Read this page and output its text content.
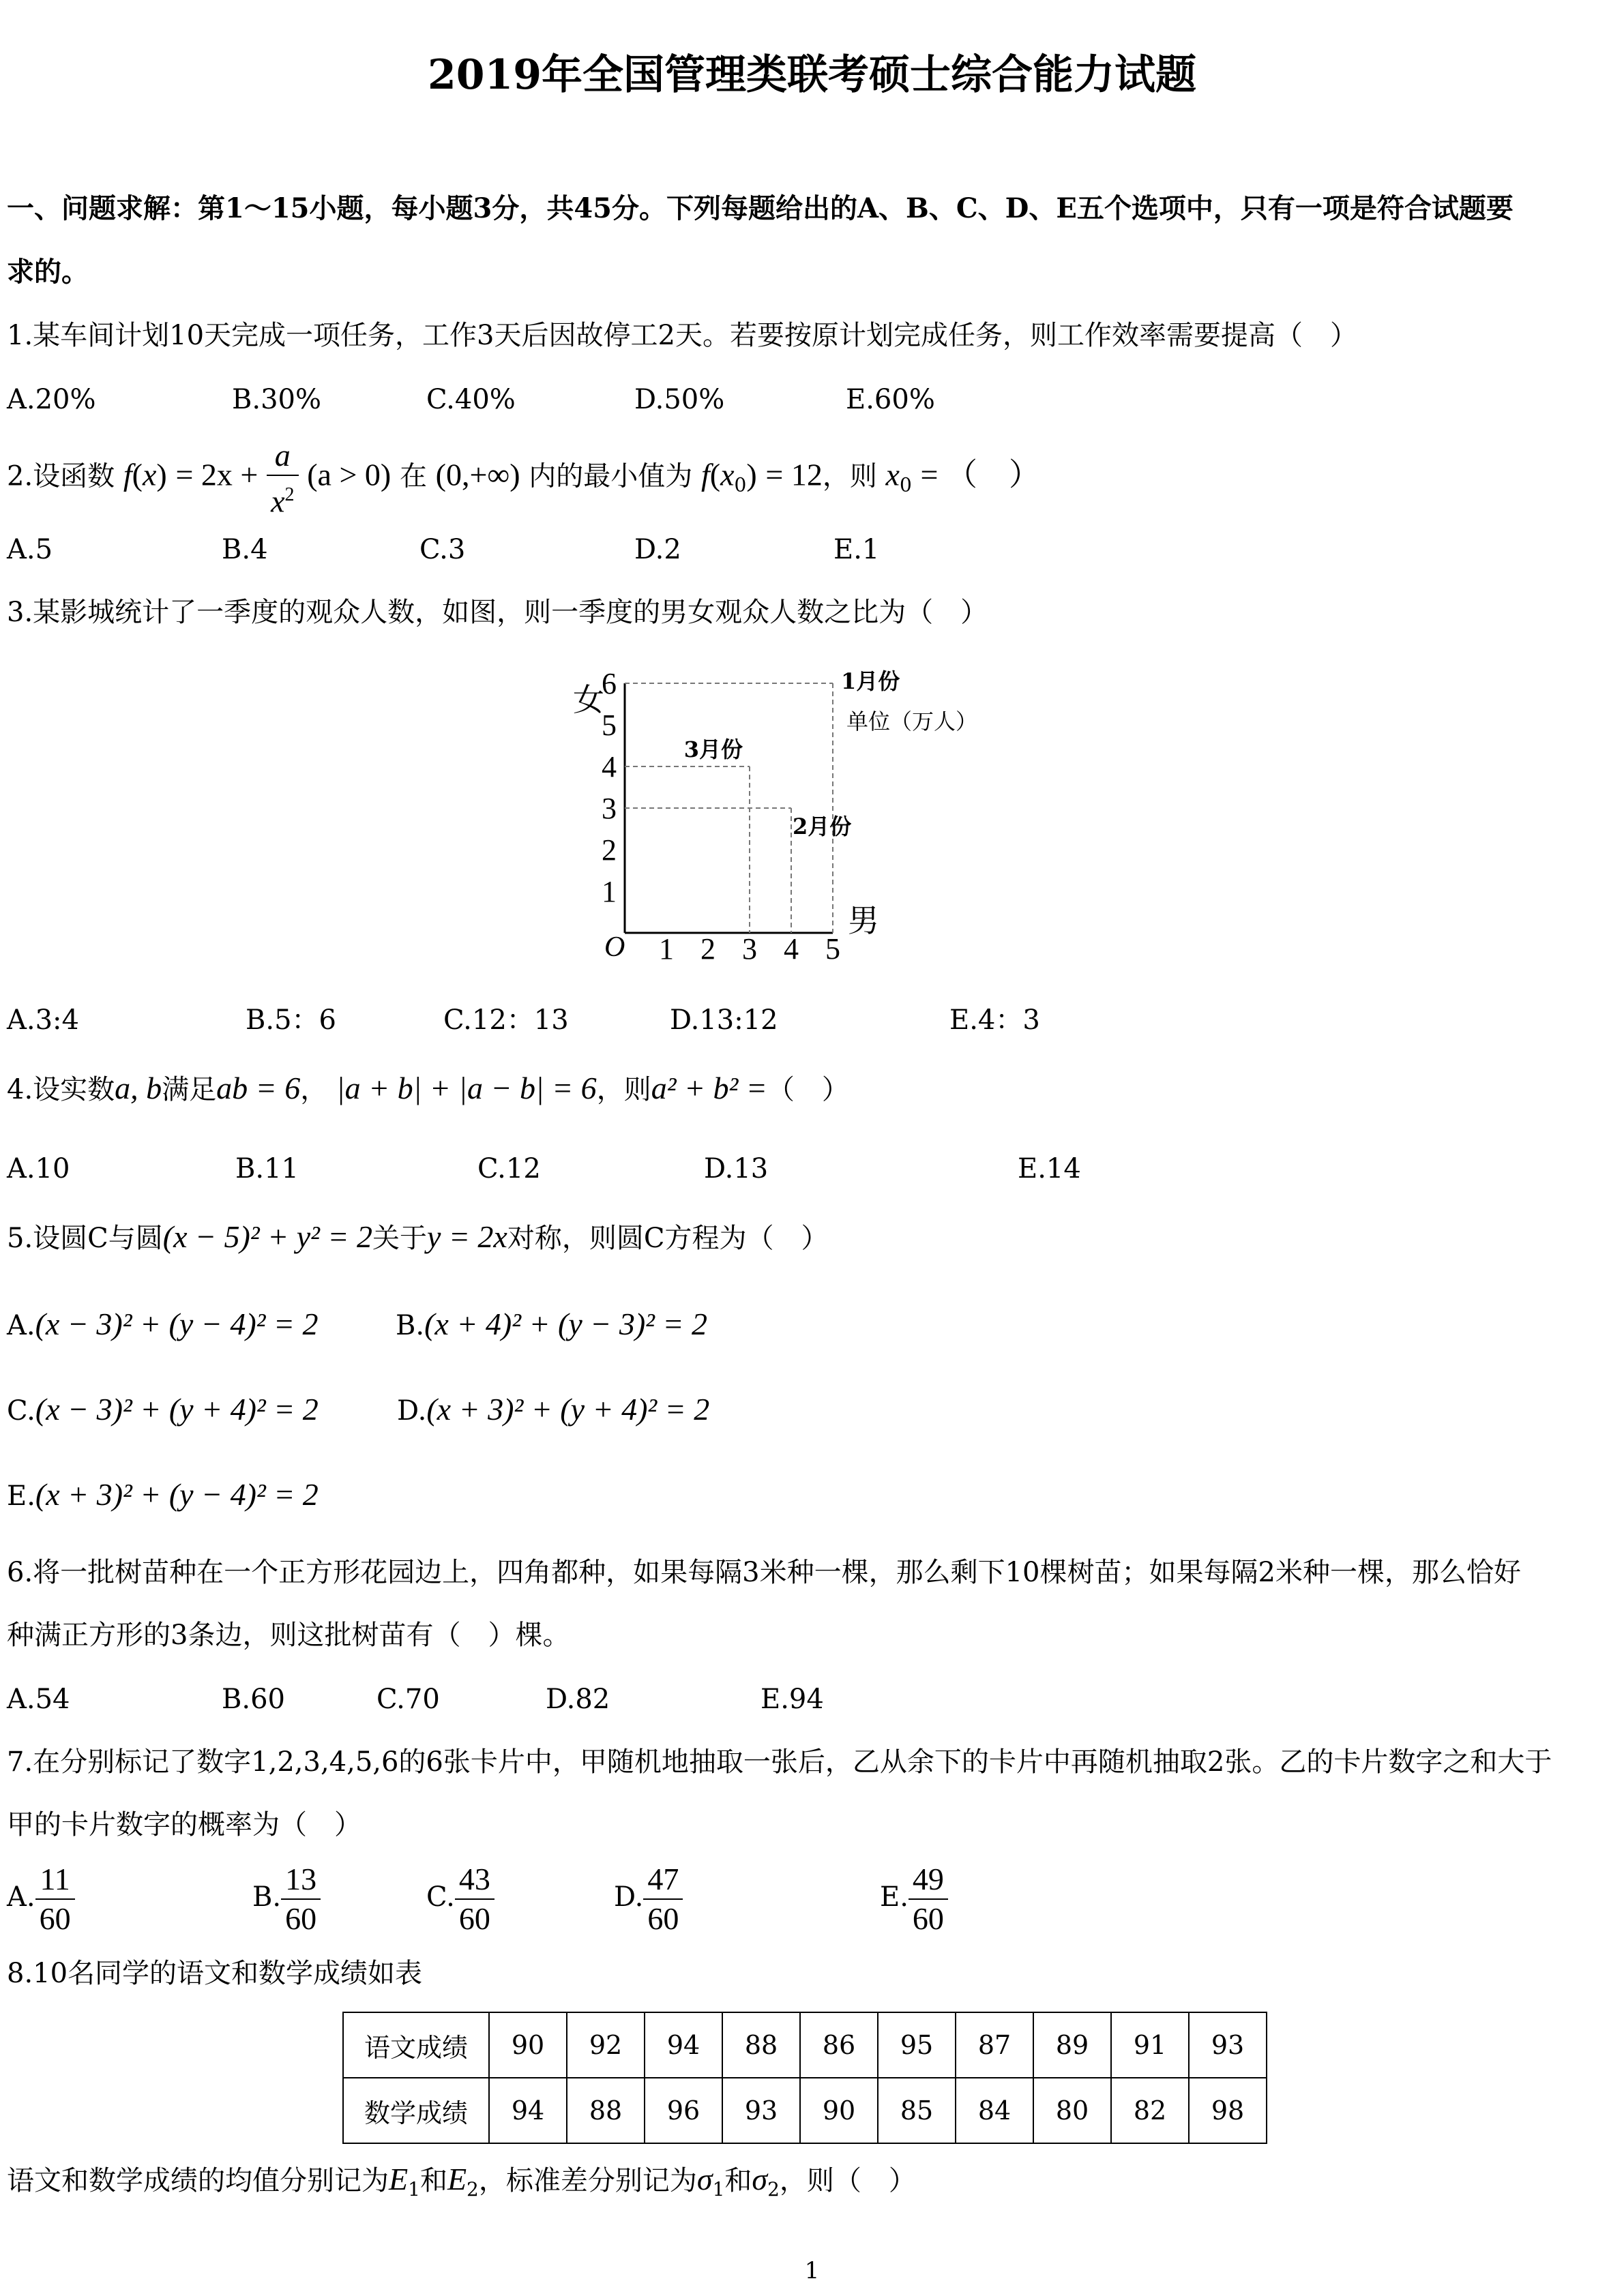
2019年全国管理类联考硕士综合能力试题
一、问题求解：第1～15小题，每小题3分，共45分。下列每题给出的A、B、C、D、E五个选项中，只有一项是符合试题要
求的。
1.某车间计划10天完成一项任务，工作3天后因故停工2天。若要按原计划完成任务，则工作效率需要提高（　）
A.20%	B.30%	C.40%	D.50%	E.60%
2.设函数 $f(x) = 2x + \frac{a}{x^2} (a > 0)$ 在 (0,+∞) 内的最小值为 $f(x_0) = 12$，则 $x_0$ = （　）
A.5	B.4	C.3	D.2	E.1
3.某影城统计了一季度的观众人数，如图，则一季度的男女观众人数之比为（　）
1 2 3 4 5
1
2
3
4
5
6
O
女
男
1月份
3月份
2月份
单位（万人）
A.3:4	B.5：6	C.12：13	D.13:12	E.4：3
4.设实数a, b满足ab = 6， |a + b| + |a − b| = 6，则a² + b² =（　）
A.10	B.11	C.12	D.13	E.14
5.设圆C与圆(x − 5)² + y² = 2关于y = 2x对称，则圆C方程为（　）
A.(x − 3)² + (y − 4)² = 2	B.(x + 4)² + (y − 3)² = 2
C.(x − 3)² + (y + 4)² = 2	D.(x + 3)² + (y + 4)² = 2
E.(x + 3)² + (y − 4)² = 2
6.将一批树苗种在一个正方形花园边上，四角都种，如果每隔3米种一棵，那么剩下10棵树苗；如果每隔2米种一棵，那么恰好
种满正方形的3条边，则这批树苗有（　）棵。
A.54	B.60	C.70	D.82	E.94
7.在分别标记了数字1,2,3,4,5,6的6张卡片中，甲随机地抽取一张后，乙从余下的卡片中再随机抽取2张。乙的卡片数字之和大于
甲的卡片数字的概率为（　）
A. $\frac{11}{60}$	B. $\frac{13}{60}$	C. $\frac{43}{60}$	D. $\frac{47}{60}$	E. $\frac{49}{60}$
8.10名同学的语文和数学成绩如表
语文成绩	90	92	94	88	86	95	87	89	91	93
数学成绩	94	88	96	93	90	85	84	80	82	98
语文和数学成绩的均值分别记为$E_1$和$E_2$，标准差分别记为$\sigma_1$和$\sigma_2$，则（　）
1
